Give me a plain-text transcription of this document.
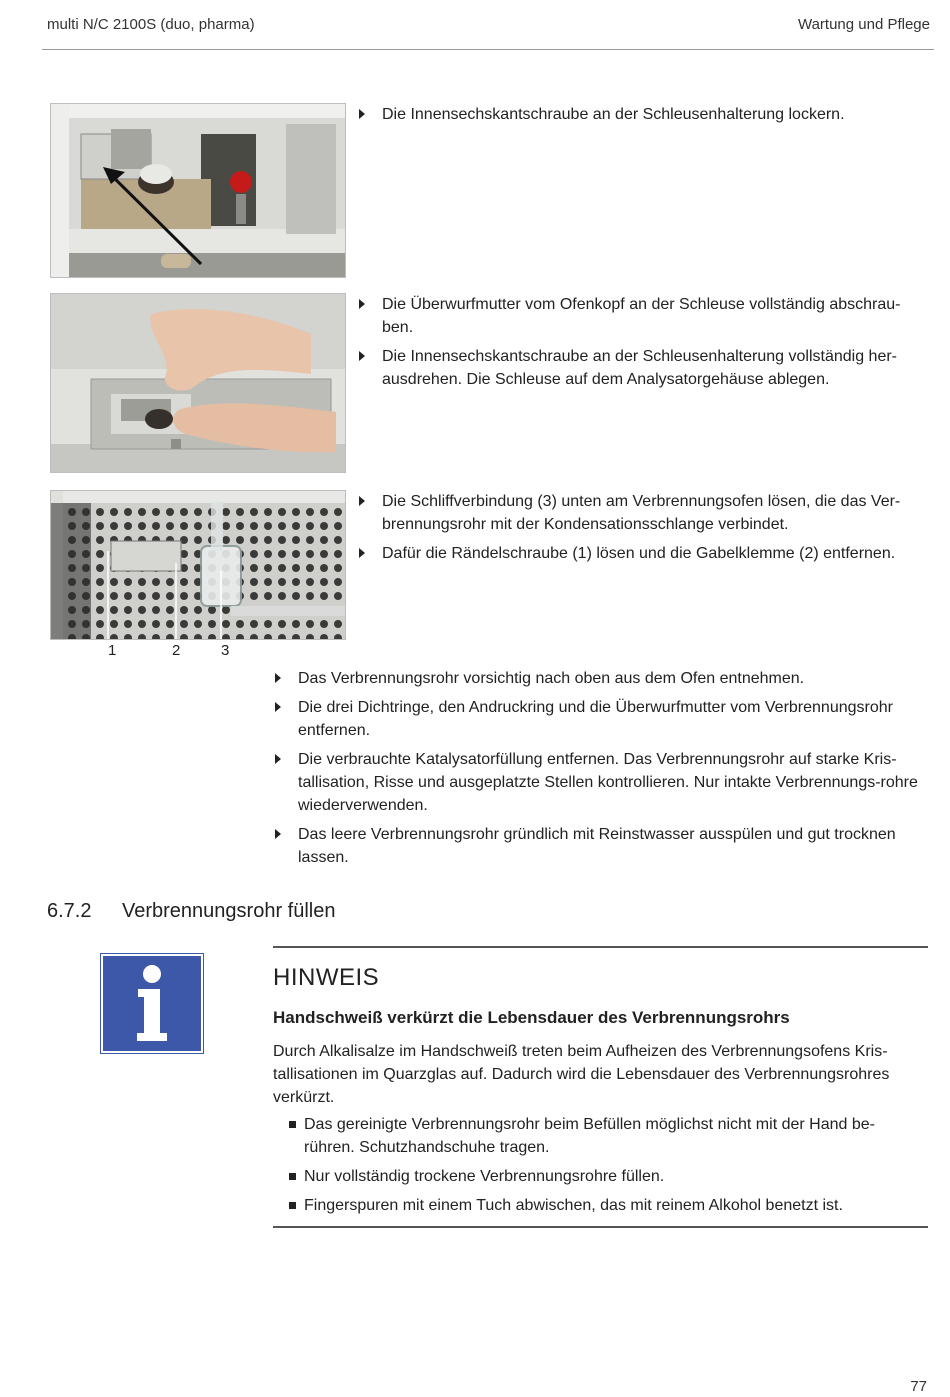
multi N/C 2100S (duo, pharma)	Wartung und Pflege
Die Innensechskantschraube an der Schleusenhalterung lockern.
Die Überwurfmutter vom Ofenkopf an der Schleuse vollständig abschrau-ben.
Die Innensechskantschraube an der Schleusenhalterung vollständig her-ausdrehen. Die Schleuse auf dem Analysatorgehäuse ablegen.
1	2	3
Die Schliffverbindung (3) unten am Verbrennungsofen lösen, die das Ver-brennungsrohr mit der Kondensationsschlange verbindet.
Dafür die Rändelschraube (1) lösen und die Gabelklemme (2) entfernen.
Das Verbrennungsrohr vorsichtig nach oben aus dem Ofen entnehmen.
Die drei Dichtringe, den Andruckring und die Überwurfmutter vom Verbrennungsrohr entfernen.
Die verbrauchte Katalysatorfüllung entfernen. Das Verbrennungsrohr auf starke Kris-tallisation, Risse und ausgeplatzte Stellen kontrollieren. Nur intakte Verbrennungs-rohre wiederverwenden.
Das leere Verbrennungsrohr gründlich mit Reinstwasser ausspülen und gut trocknen lassen.
6.7.2 Verbrennungsrohr füllen
HINWEIS
Handschweiß verkürzt die Lebensdauer des Verbrennungsrohrs
Durch Alkalisalze im Handschweiß treten beim Aufheizen des Verbrennungsofens Kris-tallisationen im Quarzglas auf. Dadurch wird die Lebensdauer des Verbrennungsrohres verkürzt.
Das gereinigte Verbrennungsrohr beim Befüllen möglichst nicht mit der Hand be-rühren. Schutzhandschuhe tragen.
Nur vollständig trockene Verbrennungsrohre füllen.
Fingerspuren mit einem Tuch abwischen, das mit reinem Alkohol benetzt ist.
77
